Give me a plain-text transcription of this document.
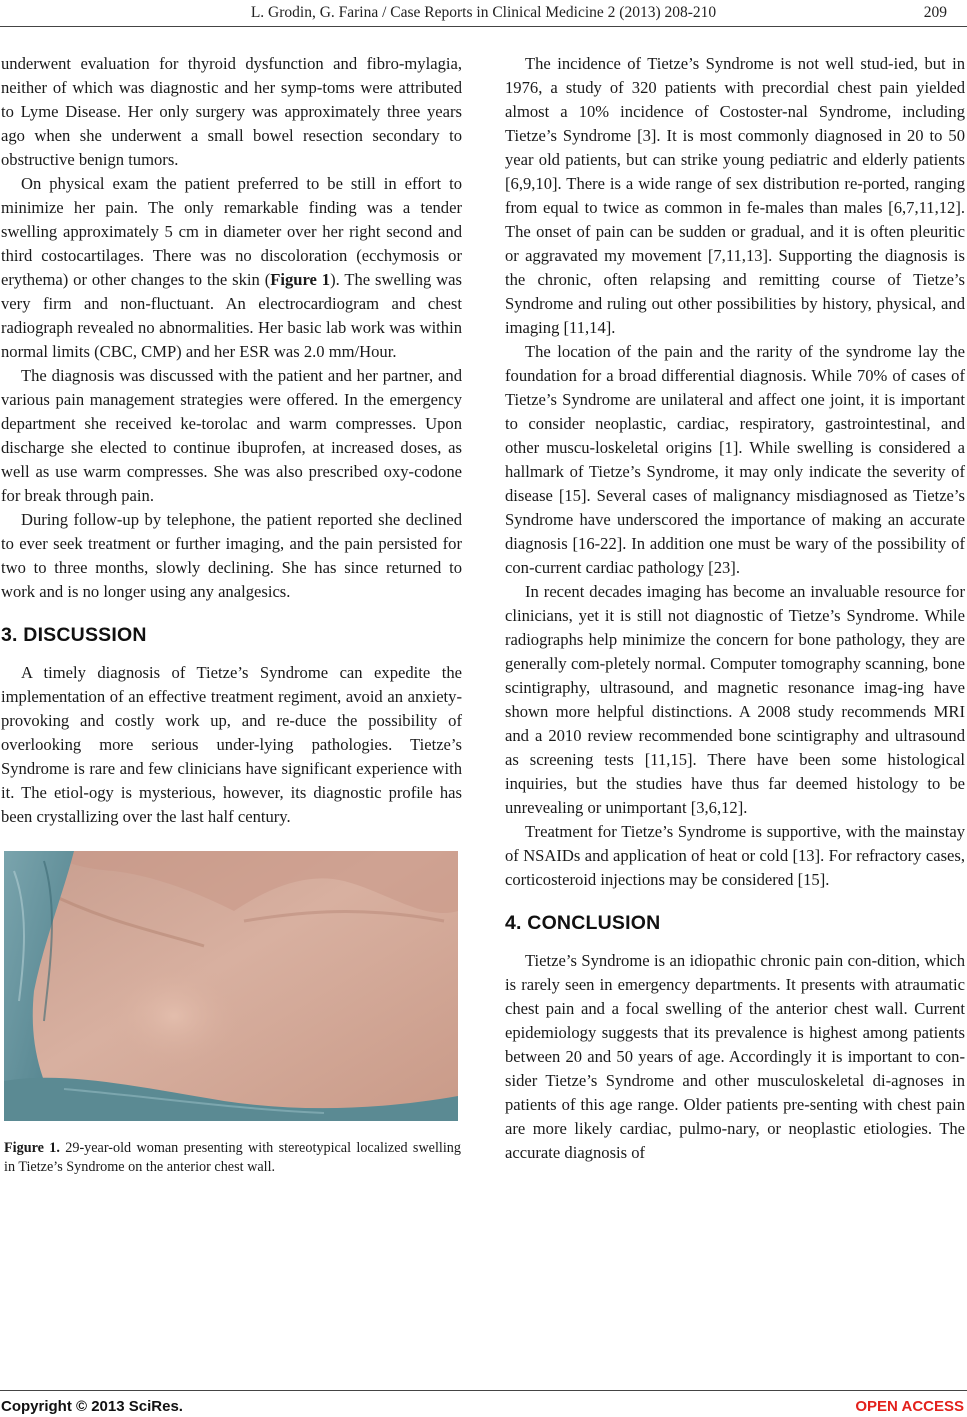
L. Grodin, G. Farina / Case Reports in Clinical Medicine 2 (2013) 208-210	209

underwent evaluation for thyroid dysfunction and fibro-mylagia, neither of which was diagnostic and her symp-toms were attributed to Lyme Disease. Her only surgery was approximately three years ago when she underwent a small bowel resection secondary to obstructive benign tumors.

On physical exam the patient preferred to be still in effort to minimize her pain. The only remarkable finding was a tender swelling approximately 5 cm in diameter over her right second and third costocartilages. There was no discoloration (ecchymosis or erythema) or other changes to the skin (Figure 1). The swelling was very firm and non-fluctuant. An electrocardiogram and chest radiograph revealed no abnormalities. Her basic lab work was within normal limits (CBC, CMP) and her ESR was 2.0 mm/Hour.

The diagnosis was discussed with the patient and her partner, and various pain management strategies were offered. In the emergency department she received ke-torolac and warm compresses. Upon discharge she elected to continue ibuprofen, at increased doses, as well as use warm compresses. She was also prescribed oxy-codone for break through pain.

During follow-up by telephone, the patient reported she declined to ever seek treatment or further imaging, and the pain persisted for two to three months, slowly declining. She has since returned to work and is no longer using any analgesics.

3. DISCUSSION

A timely diagnosis of Tietze’s Syndrome can expedite the implementation of an effective treatment regiment, avoid an anxiety-provoking and costly work up, and re-duce the possibility of overlooking more serious under-lying pathologies. Tietze’s Syndrome is rare and few clinicians have significant experience with it. The etiol-ogy is mysterious, however, its diagnostic profile has been crystallizing over the last half century.

Figure 1. 29-year-old woman presenting with stereotypical localized swelling in Tietze’s Syndrome on the anterior chest wall.

The incidence of Tietze’s Syndrome is not well stud-ied, but in 1976, a study of 320 patients with precordial chest pain yielded almost a 10% incidence of Costoster-nal Syndrome, including Tietze’s Syndrome [3]. It is most commonly diagnosed in 20 to 50 year old patients, but can strike young pediatric and elderly patients [6,9,10]. There is a wide range of sex distribution re-ported, ranging from equal to twice as common in fe-males than males [6,7,11,12]. The onset of pain can be sudden or gradual, and it is often pleuritic or aggravated my movement [7,11,13]. Supporting the diagnosis is the chronic, often relapsing and remitting course of Tietze’s Syndrome and ruling out other possibilities by history, physical, and imaging [11,14].

The location of the pain and the rarity of the syndrome lay the foundation for a broad differential diagnosis. While 70% of cases of Tietze’s Syndrome are unilateral and affect one joint, it is important to consider neoplastic, cardiac, respiratory, gastrointestinal, and other muscu-loskeletal origins [1]. While swelling is considered a hallmark of Tietze’s Syndrome, it may only indicate the severity of disease [15]. Several cases of malignancy misdiagnosed as Tietze’s Syndrome have underscored the importance of making an accurate diagnosis [16-22]. In addition one must be wary of the possibility of con-current cardiac pathology [23].

In recent decades imaging has become an invaluable resource for clinicians, yet it is still not diagnostic of Tietze’s Syndrome. While radiographs help minimize the concern for bone pathology, they are generally com-pletely normal. Computer tomography scanning, bone scintigraphy, ultrasound, and magnetic resonance imag-ing have shown more helpful distinctions. A 2008 study recommends MRI and a 2010 review recommended bone scintigraphy and ultrasound as screening tests [11,15]. There have been some histological inquiries, but the studies have thus far deemed histology to be unrevealing or unimportant [3,6,12].

Treatment for Tietze’s Syndrome is supportive, with the mainstay of NSAIDs and application of heat or cold [13]. For refractory cases, corticosteroid injections may be considered [15].

4. CONCLUSION

Tietze’s Syndrome is an idiopathic chronic pain con-dition, which is rarely seen in emergency departments. It presents with atraumatic chest pain and a focal swelling of the anterior chest wall. Current epidemiology suggests that its prevalence is highest among patients between 20 and 50 years of age. Accordingly it is important to con-sider Tietze’s Syndrome and other musculoskeletal di-agnoses in patients of this age range. Older patients pre-senting with chest pain are more likely cardiac, pulmo-nary, or neoplastic etiologies. The accurate diagnosis of

Copyright © 2013 SciRes.	OPEN ACCESS
